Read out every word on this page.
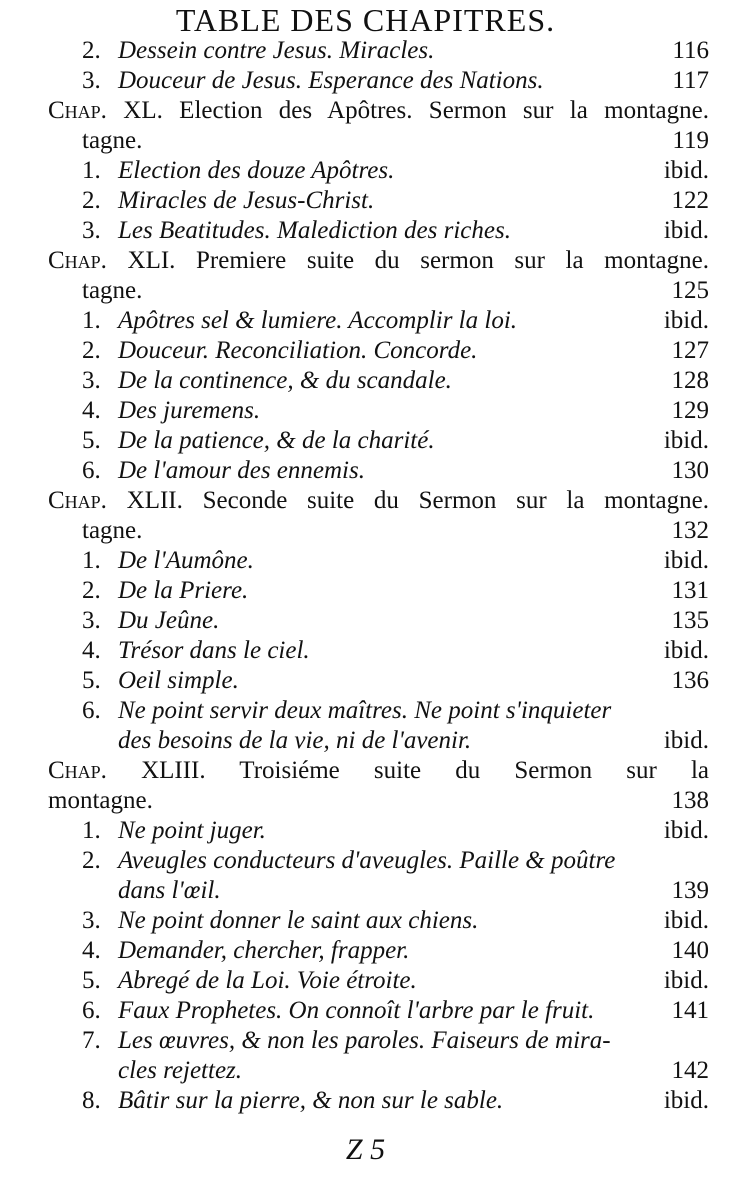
TABLE DES CHAPITRES.
2. Dessein contre Jesus. Miracles.	116
3. Douceur de Jesus. Esperance des Nations.	117
Chap. XL. Election des Apôtres. Sermon sur la montagne.
tagne.	119
1. Election des douze Apôtres.	ibid.
2. Miracles de Jesus-Christ.	122
3. Les Beatitudes. Malediction des riches.	ibid.
Chap. XLI. Premiere suite du sermon sur la montagne.
tagne.	125
1. Apôtres sel & lumiere. Accomplir la loi.	ibid.
2. Douceur. Reconciliation. Concorde.	127
3. De la continence, & du scandale.	128
4. Des juremens.	129
5. De la patience, & de la charité.	ibid.
6. De l'amour des ennemis.	130
Chap. XLII. Seconde suite du Sermon sur la montagne.
tagne.	132
1. De l'Aumône.	ibid.
2. De la Priere.	131
3. Du Jeûne.	135
4. Trésor dans le ciel.	ibid.
5. Oeil simple.	136
6. Ne point servir deux maîtres. Ne point s'inquieter
des besoins de la vie, ni de l'avenir.	ibid.
Chap. XLIII. Troisiéme suite du Sermon sur la
montagne.	138
1. Ne point juger.	ibid.
2. Aveugles conducteurs d'aveugles. Paille & poûtre
dans l'œil.	139
3. Ne point donner le saint aux chiens.	ibid.
4. Demander, chercher, frapper.	140
5. Abregé de la Loi. Voie étroite.	ibid.
6. Faux Prophetes. On connoît l'arbre par le fruit.	141
7. Les œuvres, & non les paroles. Faiseurs de mira-
cles rejettez.	142
8. Bâtir sur la pierre, & non sur le sable.	ibid.
Z 5
